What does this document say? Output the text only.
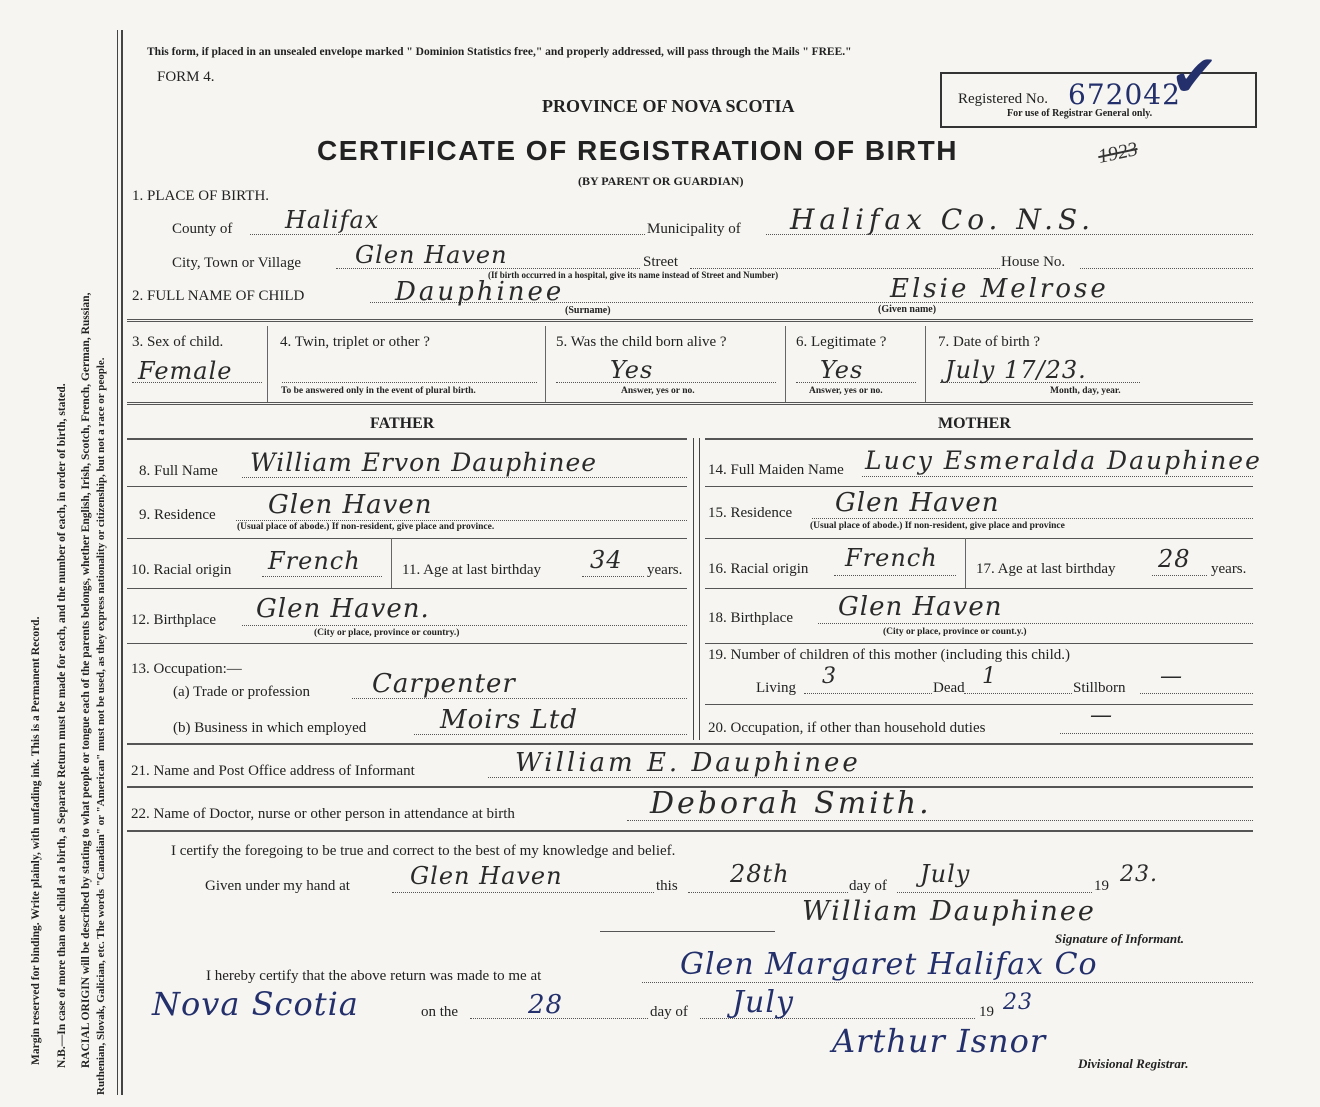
Margin reserved for binding. Write plainly, with unfading ink. This is a Permanent Record. N.B.—In case of more than one child at a birth, a Separate Return must be made for each, and the number of each, in order of birth, stated. RACIAL ORIGIN will be described by stating to what people or tongue each of the parents belongs, whether English, Irish, Scotch, French, German, Russian, Ruthenian, Slovak, Galician, etc. The words "Canadian" or "American" must not be used, as they express nationality or citizenship, but not a race or people.
This form, if placed in an unsealed envelope marked " Dominion Statistics free," and properly addressed, will pass through the Mails " FREE."
FORM 4.
PROVINCE OF NOVA SCOTIA	Registered No. 672042
✔
For use of Registrar General only.
CERTIFICATE OF REGISTRATION OF BIRTH	1923
(BY PARENT OR GUARDIAN)
1. PLACE OF BIRTH.
County of Halifax	Municipality of Halifax Co. N.S.
City, Town or Village Glen Haven	Street	House No.
(If birth occurred in a hospital, give its name instead of Street and Number)
2. FULL NAME OF CHILD	Dauphinee
(Surname)
Elsie Melrose
(Given name)
3. Sex of child.
Female
4. Twin, triplet or other ?
To be answered only in the event of plural birth.
5. Was the child born alive ?
Yes
Answer, yes or no.
6. Legitimate ?
Yes
Answer, yes or no.
7. Date of birth ?
July 17/23.
Month, day, year.
FATHER	MOTHER
8. Full Name William Ervon Dauphinee
9. Residence Glen Haven
(Usual place of abode.) If non-resident, give place and province.
10. Racial origin French	11. Age at last birthday 34 years.
12. Birthplace Glen Haven.
(City or place, province or country.)
13. Occupation:—
(a) Trade or profession Carpenter
(b) Business in which employed	Moirs Ltd
14. Full Maiden Name Lucy Esmeralda Dauphinee
15. Residence Glen Haven
(Usual place of abode.) If non-resident, give place and province
16. Racial origin French	17. Age at last birthday 28 years.
18. Birthplace Glen Haven
(City or place, province or count.y.)
19. Number of children of this mother (including this child.)
Living 3	Dead 1	Stillborn —
20. Occupation, if other than household duties	—
21. Name and Post Office address of Informant	William E. Dauphinee
22. Name of Doctor, nurse or other person in attendance at birth	Deborah Smith.
I certify the foregoing to be true and correct to the best of my knowledge and belief.
Given under my hand at	Glen Haven	this 28th	day of July	19 23.
William Dauphinee
Signature of Informant.
I hereby certify that the above return was made to me at	Glen Margaret Halifax Co
Nova Scotia	on the	28	day of July	19 23
Arthur Isnor
Divisional Registrar.
